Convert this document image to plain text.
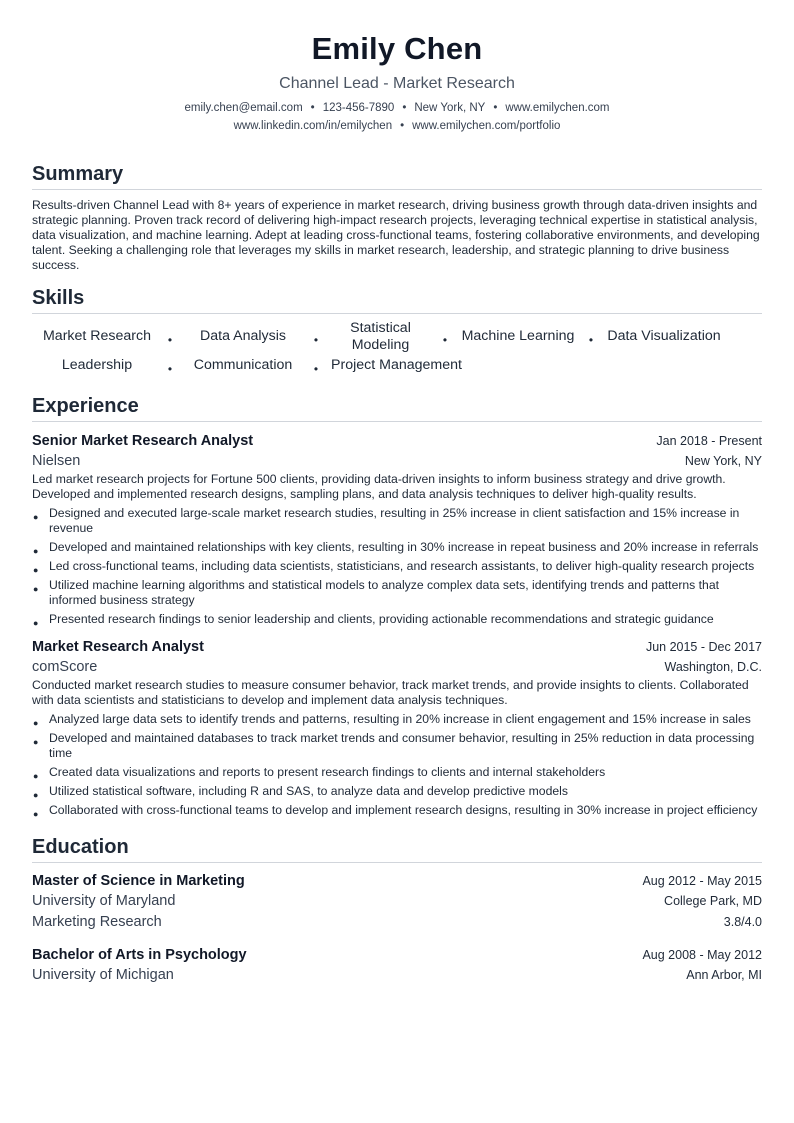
Emily Chen
Channel Lead - Market Research
emily.chen@email.com • 123-456-7890 • New York, NY • www.emilychen.com
www.linkedin.com/in/emilychen • www.emilychen.com/portfolio
Summary
Results-driven Channel Lead with 8+ years of experience in market research, driving business growth through data-driven insights and strategic planning. Proven track record of delivering high-impact research projects, leveraging technical expertise in statistical analysis, data visualization, and machine learning. Adept at leading cross-functional teams, fostering collaborative environments, and developing talent. Seeking a challenging role that leverages my skills in market research, leadership, and strategic planning to drive business success.
Skills
Market Research	•	Data Analysis	•
Statistical Modeling	•	Machine Learning	•	Data Visualization
Leadership	•	Communication	• Project Management
Experience
Senior Market Research Analyst	Jan 2018 - Present
Nielsen	New York, NY
Led market research projects for Fortune 500 clients, providing data-driven insights to inform business strategy and drive growth. Developed and implemented research designs, sampling plans, and data analysis techniques to deliver high-quality results.
● Designed and executed large-scale market research studies, resulting in 25% increase in client satisfaction and 15% increase in revenue
● Developed and maintained relationships with key clients, resulting in 30% increase in repeat business and 20% increase in referrals
● Led cross-functional teams, including data scientists, statisticians, and research assistants, to deliver high-quality research projects
● Utilized machine learning algorithms and statistical models to analyze complex data sets, identifying trends and patterns that informed business strategy
● Presented research findings to senior leadership and clients, providing actionable recommendations and strategic guidance
Market Research Analyst	Jun 2015 - Dec 2017
comScore	Washington, D.C.
Conducted market research studies to measure consumer behavior, track market trends, and provide insights to clients. Collaborated with data scientists and statisticians to develop and implement data analysis techniques.
● Analyzed large data sets to identify trends and patterns, resulting in 20% increase in client engagement and 15% increase in sales
● Developed and maintained databases to track market trends and consumer behavior, resulting in 25% reduction in data processing time
● Created data visualizations and reports to present research findings to clients and internal stakeholders
● Utilized statistical software, including R and SAS, to analyze data and develop predictive models
● Collaborated with cross-functional teams to develop and implement research designs, resulting in 30% increase in project efficiency
Education
Master of Science in Marketing	Aug 2012 - May 2015
University of Maryland	College Park, MD
Marketing Research	3.8/4.0
Bachelor of Arts in Psychology	Aug 2008 - May 2012
University of Michigan	Ann Arbor, MI
